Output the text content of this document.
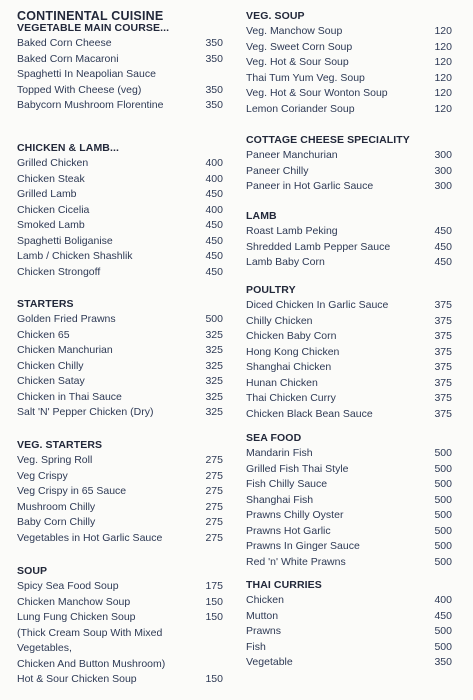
CONTINENTAL CUISINE
VEGETABLE MAIN COURSE...
Baked Corn Cheese	350
Baked Corn Macaroni	350
Spaghetti In Neapolian Sauce
Topped With Cheese (veg)	350
Babycorn Mushroom Florentine	350
CHICKEN & LAMB...
Grilled Chicken	400
Chicken Steak	400
Grilled Lamb	450
Chicken Cicelia	400
Smoked Lamb	450
Spaghetti Boliganise	450
Lamb / Chicken Shashlik	450
Chicken Strongoff	450
STARTERS
Golden Fried Prawns	500
Chicken 65	325
Chicken Manchurian	325
Chicken Chilly	325
Chicken Satay	325
Chicken in Thai Sauce	325
Salt 'N' Pepper Chicken (Dry)	325
VEG. STARTERS
Veg. Spring Roll	275
Veg Crispy	275
Veg Crispy in 65 Sauce	275
Mushroom Chilly	275
Baby Corn Chilly	275
Vegetables in Hot Garlic Sauce	275
SOUP
Spicy Sea Food Soup	175
Chicken Manchow Soup	150
Lung Fung Chicken Soup	150
(Thick Cream Soup With Mixed
Vegetables,
Chicken And Button Mushroom)
Hot & Sour Chicken Soup	150
VEG. SOUP
Veg. Manchow Soup	120
Veg. Sweet Corn Soup	120
Veg. Hot & Sour Soup	120
Thai Tum Yum Veg. Soup	120
Veg. Hot & Sour Wonton Soup	120
Lemon Coriander Soup	120
COTTAGE CHEESE SPECIALITY
Paneer Manchurian	300
Paneer Chilly	300
Paneer in Hot Garlic Sauce	300
LAMB
Roast Lamb Peking	450
Shredded Lamb Pepper Sauce	450
Lamb Baby Corn	450
POULTRY
Diced Chicken In Garlic Sauce	375
Chilly Chicken	375
Chicken Baby Corn	375
Hong Kong Chicken	375
Shanghai Chicken	375
Hunan Chicken	375
Thai Chicken Curry	375
Chicken Black Bean Sauce	375
SEA FOOD
Mandarin Fish	500
Grilled Fish Thai Style	500
Fish Chilly Sauce	500
Shanghai Fish	500
Prawns Chilly Oyster	500
Prawns Hot Garlic	500
Prawns In Ginger Sauce	500
Red 'n' White Prawns	500
THAI CURRIES
Chicken	400
Mutton	450
Prawns	500
Fish	500
Vegetable	350
